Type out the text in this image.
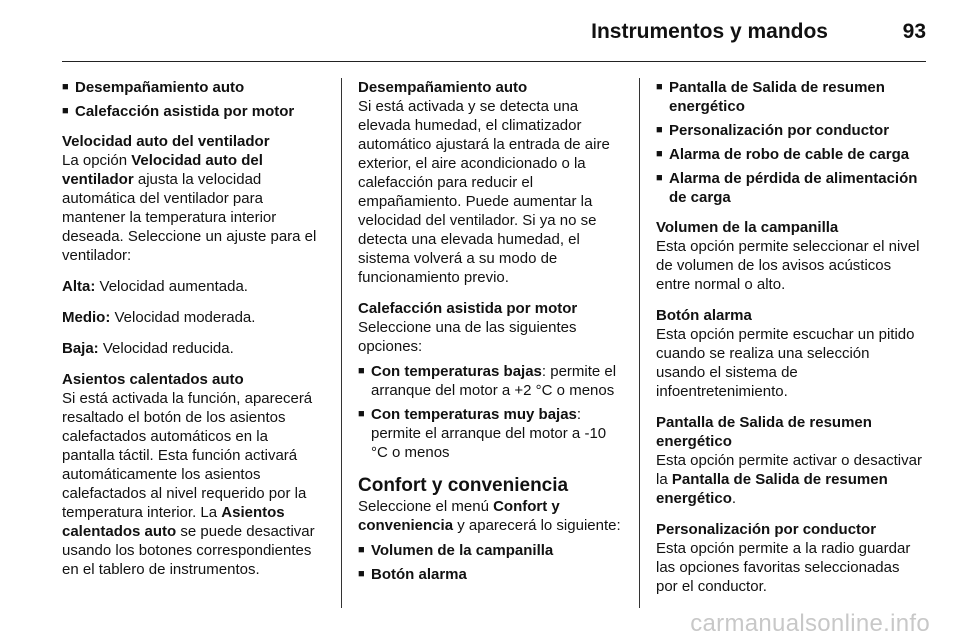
Instrumentos y mandos	93
■ Desempañamiento auto
■ Calefacción asistida por motor
Velocidad auto del ventilador
La opción Velocidad auto del ventilador ajusta la velocidad automática del ventilador para mantener la temperatura interior deseada. Seleccione un ajuste para el ventilador:
Alta: Velocidad aumentada.
Medio: Velocidad moderada.
Baja: Velocidad reducida.
Asientos calentados auto
Si está activada la función, aparecerá resaltado el botón de los asientos calefactados automáticos en la pantalla táctil. Esta función activará automáticamente los asientos calefactados al nivel requerido por la temperatura interior. La Asientos calentados auto se puede desactivar usando los botones correspondientes en el tablero de instrumentos.
Desempañamiento auto
Si está activada y se detecta una elevada humedad, el climatizador automático ajustará la entrada de aire exterior, el aire acondicionado o la calefacción para reducir el empañamiento. Puede aumentar la velocidad del ventilador. Si ya no se detecta una elevada humedad, el sistema volverá a su modo de funcionamiento previo.
Calefacción asistida por motor
Seleccione una de las siguientes opciones:
■ Con temperaturas bajas: permite el arranque del motor a +2 °C o menos
■ Con temperaturas muy bajas: permite el arranque del motor a -10 °C o menos
Confort y conveniencia
Seleccione el menú Confort y conveniencia y aparecerá lo siguiente:
■ Volumen de la campanilla
■ Botón alarma
■ Pantalla de Salida de resumen energético
■ Personalización por conductor
■ Alarma de robo de cable de carga
■ Alarma de pérdida de alimentación de carga
Volumen de la campanilla
Esta opción permite seleccionar el nivel de volumen de los avisos acústicos entre normal o alto.
Botón alarma
Esta opción permite escuchar un pitido cuando se realiza una selección usando el sistema de infoentretenimiento.
Pantalla de Salida de resumen energético
Esta opción permite activar o desactivar la Pantalla de Salida de resumen energético.
Personalización por conductor
Esta opción permite a la radio guardar las opciones favoritas seleccionadas por el conductor.
carmanualsonline.info
